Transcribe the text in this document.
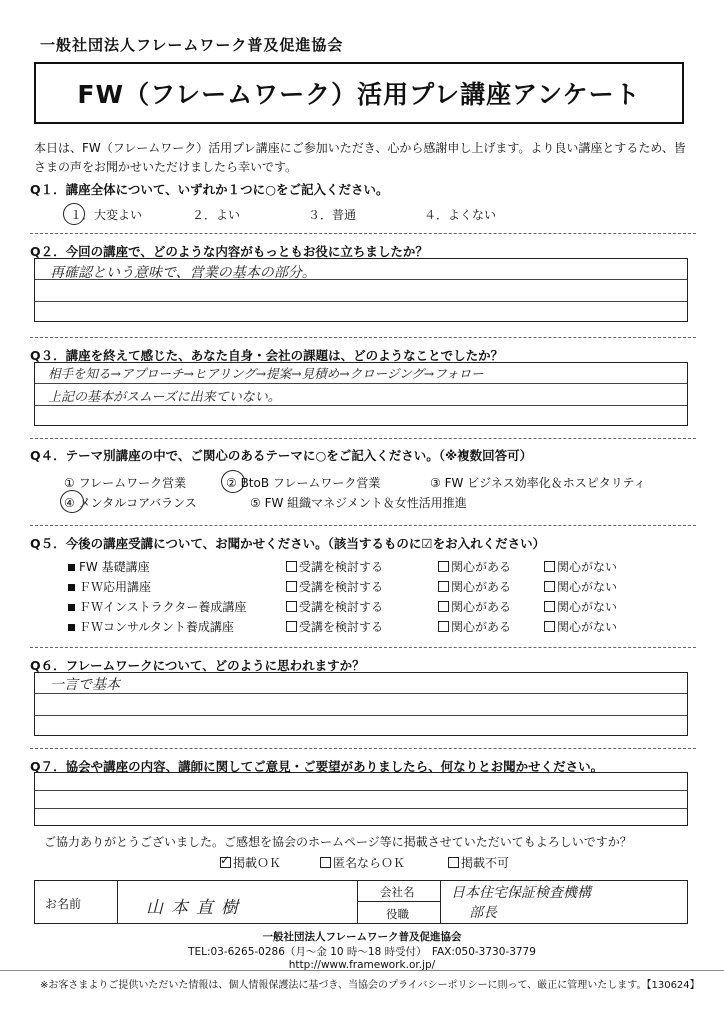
一般社団法人フレームワーク普及促進協会
FW（フレームワーク）活用プレ講座アンケート
本日は、FW（フレームワーク）活用プレ講座にご参加いただき、心から感謝申し上げます。より良い講座とするため、皆さまの声をお聞かせいただけましたら幸いです。
Q１．講座全体について、いずれか１つに○をご記入ください。
１．大変よい	２．よい	３．普通	４．よくない
Q２．今回の講座で、どのような内容がもっともお役に立ちましたか？
再確認という意味で、営業の基本の部分。
Q３．講座を終えて感じた、あなた自身・会社の課題は、どのようなことでしたか？
相手を知る→アプローチ→ヒアリング→提案→見積め→クロージング→フォロー
上記の基本がスムーズに出来ていない。
Q４．テーマ別講座の中で、ご関心のあるテーマに○をご記入ください。（※複数回答可）
① フレームワーク営業	② BtoB フレームワーク営業	③ FW ビジネス効率化＆ホスピタリティ
④ メンタルコアバランス	⑤ FW 組織マネジメント＆女性活用推進
Q５．今後の講座受講について、お聞かせください。（該当するものに☑をお入れください）
FW 基礎講座	受講を検討する	関心がある	関心がない
ＦＷ応用講座	受講を検討する	関心がある	関心がない
ＦＷインストラクター養成講座	受講を検討する	関心がある	関心がない
ＦＷコンサルタント養成講座	受講を検討する	関心がある	関心がない
Q６．フレームワークについて、どのように思われますか？
一言で基本
Q７．協会や講座の内容、講師に関してご意見・ご要望がありましたら、何なりとお聞かせください。
ご協力ありがとうございました。ご感想を協会のホームページ等に掲載させていただいてもよろしいですか？
✓掲載ＯＫ	匿名ならＯＫ	掲載不可
お名前	山本直樹
会社名
役職
日本住宅保証検査機構
部長
一般社団法人フレームワーク普及促進協会
TEL:03-6265-0286（月～金 10 時～18 時受付）　FAX:050-3730-3779
http://www.framework.or.jp/
※お客さまよりご提供いただいた情報は、個人情報保護法に基づき、当協会のプライバシーポリシーに則って、厳正に管理いたします。【130624】
